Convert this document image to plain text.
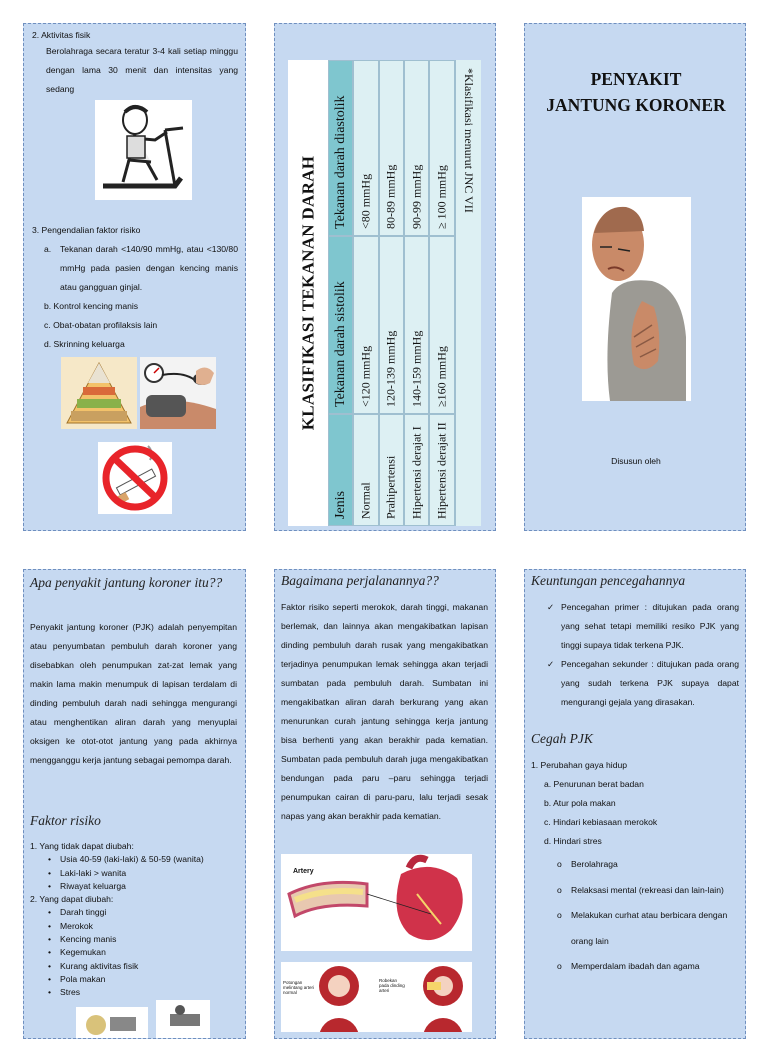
2. Aktivitas fisik
Berolahraga secara teratur 3-4 kali setiap minggu dengan lama 30 menit dan intensitas yang sedang
3. Pengendalian faktor risiko
a. Tekanan darah <140/90 mmHg, atau <130/80 mmHg pada pasien dengan kencing manis atau gangguan ginjal.
b. Kontrol kencing manis
c. Obat-obatan profilaksis lain
d. Skrinning keluarga	KLASIFIKASI TEKANAN DARAH Tekanan darah diastolik
Tekanan darah sistolik
Jenis
<80 mmHg
<120 mmHg
Normal
80-89 mmHg
120-139 mmHg
Prahipertensi
90-99 mmHg
140-159 mmHg
Hipertensi derajat I
≥ 100 mmHg
≥160 mmHg
Hipertensi derajat II
*Klasifikasi menurut JNC VII	PENYAKIT
JANTUNG KORONER
Disusun oleh
Apa penyakit jantung koroner itu??
Penyakit jantung koroner (PJK) adalah penyempitan atau penyumbatan pembuluh darah koroner yang disebabkan oleh penumpukan zat-zat lemak yang makin lama makin menumpuk di lapisan terdalam di dinding pembuluh darah nadi sehingga mengurangi atau menghentikan aliran darah yang menyuplai oksigen ke otot-otot jantung yang pada akhirnya mengganggu kerja jantung sebagai pemompa darah.
Faktor risiko
1. Yang tidak dapat diubah:
• Usia 40-59 (laki-laki) & 50-59 (wanita)
• Laki-laki > wanita
• Riwayat keluarga
2. Yang dapat diubah:
• Darah tinggi
• Merokok
• Kencing manis
• Kegemukan
• Kurang aktivitas fisik
• Pola makan
• Stres
Bagaimana perjalanannya??
Faktor risiko seperti merokok, darah tinggi, makanan berlemak, dan lainnya akan mengakibatkan lapisan dinding pembuluh darah rusak yang mengakibatkan terjadinya penumpukan lemak sehingga akan terjadi sumbatan pada pembuluh darah. Sumbatan ini mengakibatkan aliran darah berkurang yang akan menurunkan curah jantung sehingga kerja jantung bisa berhenti yang akan berakhir pada kematian. Sumbatan pada pembuluh darah juga mengakibatkan bendungan pada paru –paru sehingga terjadi penumpukan cairan di paru-paru, lalu terjadi sesak napas yang akan berakhir pada kematian.
Artery
Potongan melintang arteri normal
Robekan pada dinding arteri
Keuntungan pencegahannya
✓ Pencegahan primer : ditujukan pada orang yang sehat tetapi memiliki resiko PJK yang tinggi supaya tidak terkena PJK.
✓ Pencegahan sekunder : ditujukan pada orang yang sudah terkena PJK supaya dapat mengurangi gejala yang dirasakan.
Cegah PJK
1. Perubahan gaya hidup
a. Penurunan berat badan
b. Atur pola makan
c. Hindari kebiasaan merokok
d. Hindari stres
o Berolahraga
o Relaksasi mental (rekreasi dan lain-lain)
o Melakukan curhat atau berbicara dengan orang lain
o Memperdalam ibadah dan agama
